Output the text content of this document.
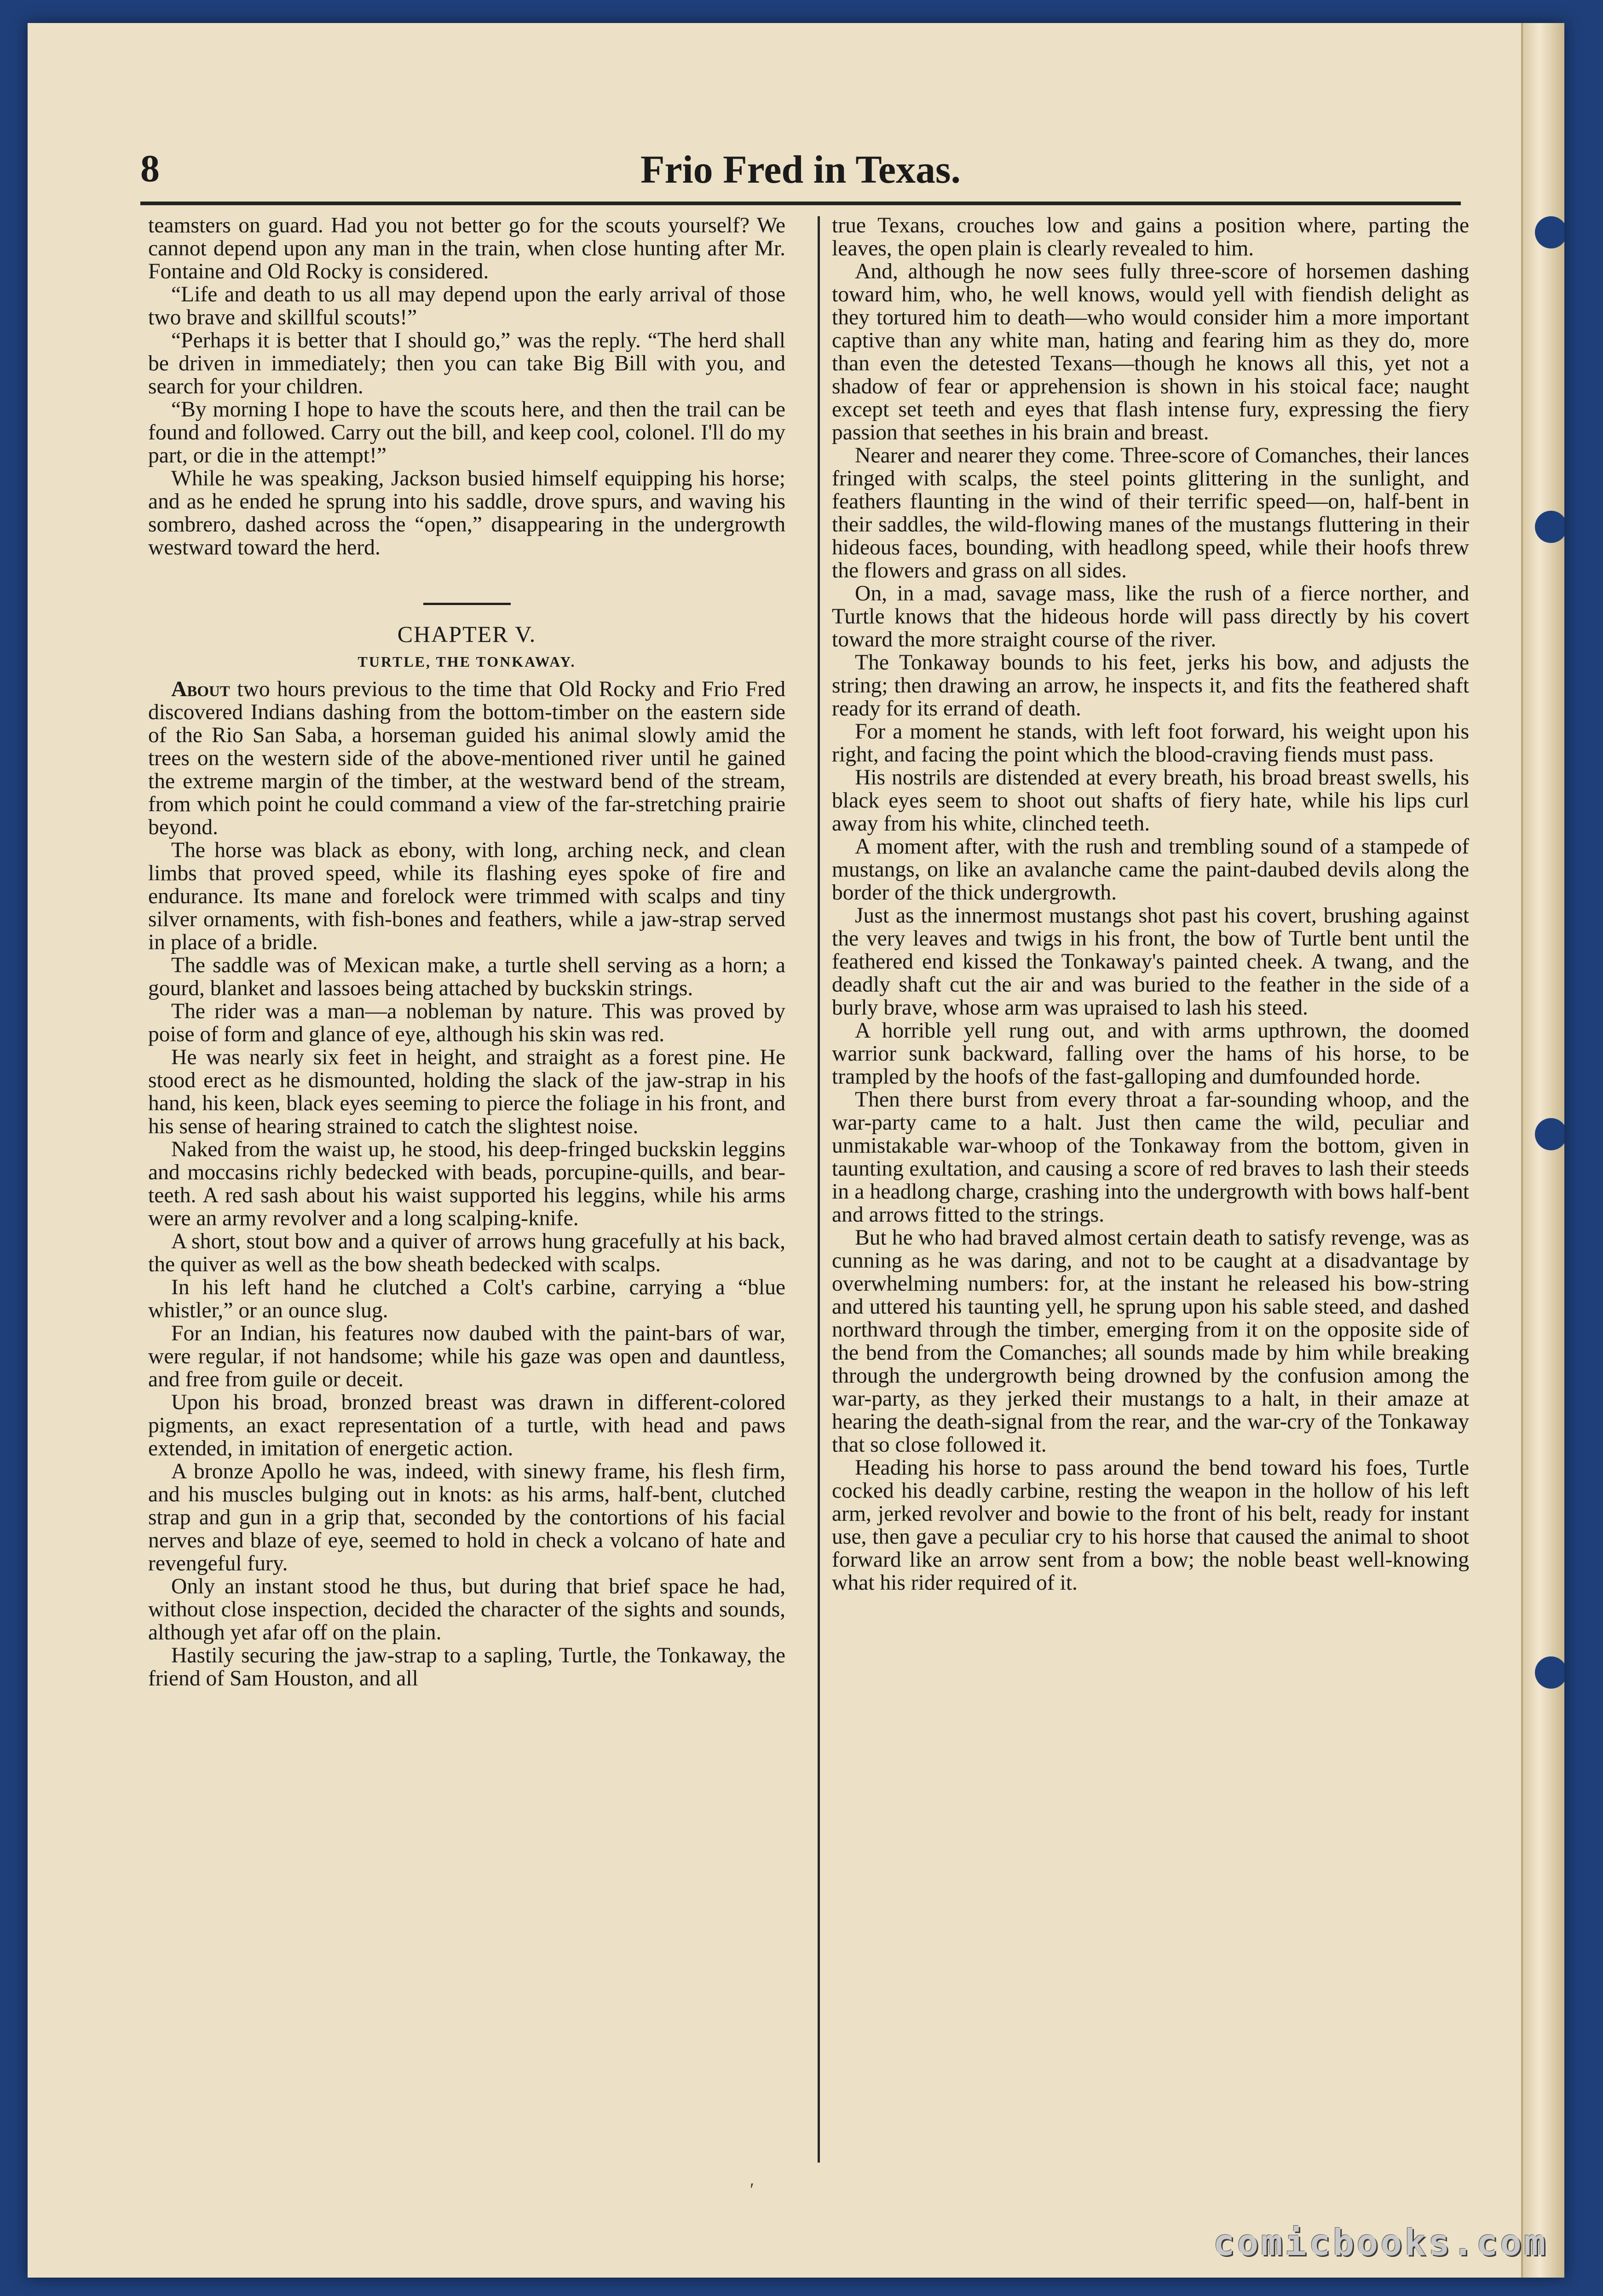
8	Frio Fred in Texas.

teamsters on guard. Had you not better go for the scouts yourself? We cannot depend upon any man in the train, when close hunting after Mr. Fontaine and Old Rocky is considered.

“Life and death to us all may depend upon the early arrival of those two brave and skillful scouts!”

“Perhaps it is better that I should go,” was the reply. “The herd shall be driven in immediately; then you can take Big Bill with you, and search for your children.

“By morning I hope to have the scouts here, and then the trail can be found and followed. Carry out the bill, and keep cool, colonel. I'll do my part, or die in the attempt!”

While he was speaking, Jackson busied himself equipping his horse; and as he ended he sprung into his saddle, drove spurs, and waving his sombrero, dashed across the “open,” disappearing in the undergrowth westward toward the herd.

CHAPTER V.
TURTLE, THE TONKAWAY.

About two hours previous to the time that Old Rocky and Frio Fred discovered Indians dashing from the bottom-timber on the eastern side of the Rio San Saba, a horseman guided his animal slowly amid the trees on the western side of the above-mentioned river until he gained the extreme margin of the timber, at the westward bend of the stream, from which point he could command a view of the far-stretching prairie beyond.

The horse was black as ebony, with long, arching neck, and clean limbs that proved speed, while its flashing eyes spoke of fire and endurance. Its mane and forelock were trimmed with scalps and tiny silver ornaments, with fish-bones and feathers, while a jaw-strap served in place of a bridle.

The saddle was of Mexican make, a turtle shell serving as a horn; a gourd, blanket and lassoes being attached by buckskin strings.

The rider was a man—a nobleman by nature. This was proved by poise of form and glance of eye, although his skin was red.

He was nearly six feet in height, and straight as a forest pine. He stood erect as he dismounted, holding the slack of the jaw-strap in his hand, his keen, black eyes seeming to pierce the foliage in his front, and his sense of hearing strained to catch the slightest noise.

Naked from the waist up, he stood, his deep-fringed buckskin leggins and moccasins richly bedecked with beads, porcupine-quills, and bear-teeth. A red sash about his waist supported his leggins, while his arms were an army revolver and a long scalping-knife.

A short, stout bow and a quiver of arrows hung gracefully at his back, the quiver as well as the bow sheath bedecked with scalps.

In his left hand he clutched a Colt's carbine, carrying a “blue whistler,” or an ounce slug.

For an Indian, his features now daubed with the paint-bars of war, were regular, if not handsome; while his gaze was open and dauntless, and free from guile or deceit.

Upon his broad, bronzed breast was drawn in different-colored pigments, an exact representation of a turtle, with head and paws extended, in imitation of energetic action.

A bronze Apollo he was, indeed, with sinewy frame, his flesh firm, and his muscles bulging out in knots: as his arms, half-bent, clutched strap and gun in a grip that, seconded by the contortions of his facial nerves and blaze of eye, seemed to hold in check a volcano of hate and revengeful fury.

Only an instant stood he thus, but during that brief space he had, without close inspection, decided the character of the sights and sounds, although yet afar off on the plain.

Hastily securing the jaw-strap to a sapling, Turtle, the Tonkaway, the friend of Sam Houston, and all

true Texans, crouches low and gains a position where, parting the leaves, the open plain is clearly revealed to him.

And, although he now sees fully three-score of horsemen dashing toward him, who, he well knows, would yell with fiendish delight as they tortured him to death—who would consider him a more important captive than any white man, hating and fearing him as they do, more than even the detested Texans—though he knows all this, yet not a shadow of fear or apprehension is shown in his stoical face; naught except set teeth and eyes that flash intense fury, expressing the fiery passion that seethes in his brain and breast.

Nearer and nearer they come. Three-score of Comanches, their lances fringed with scalps, the steel points glittering in the sunlight, and feathers flaunting in the wind of their terrific speed—on, half-bent in their saddles, the wild-flowing manes of the mustangs fluttering in their hideous faces, bounding, with headlong speed, while their hoofs threw the flowers and grass on all sides.

On, in a mad, savage mass, like the rush of a fierce norther, and Turtle knows that the hideous horde will pass directly by his covert toward the more straight course of the river.

The Tonkaway bounds to his feet, jerks his bow, and adjusts the string; then drawing an arrow, he inspects it, and fits the feathered shaft ready for its errand of death.

For a moment he stands, with left foot forward, his weight upon his right, and facing the point which the blood-craving fiends must pass.

His nostrils are distended at every breath, his broad breast swells, his black eyes seem to shoot out shafts of fiery hate, while his lips curl away from his white, clinched teeth.

A moment after, with the rush and trembling sound of a stampede of mustangs, on like an avalanche came the paint-daubed devils along the border of the thick undergrowth.

Just as the innermost mustangs shot past his covert, brushing against the very leaves and twigs in his front, the bow of Turtle bent until the feathered end kissed the Tonkaway's painted cheek. A twang, and the deadly shaft cut the air and was buried to the feather in the side of a burly brave, whose arm was upraised to lash his steed.

A horrible yell rung out, and with arms upthrown, the doomed warrior sunk backward, falling over the hams of his horse, to be trampled by the hoofs of the fast-galloping and dumfounded horde.

Then there burst from every throat a far-sounding whoop, and the war-party came to a halt. Just then came the wild, peculiar and unmistakable war-whoop of the Tonkaway from the bottom, given in taunting exultation, and causing a score of red braves to lash their steeds in a headlong charge, crashing into the undergrowth with bows half-bent and arrows fitted to the strings.

But he who had braved almost certain death to satisfy revenge, was as cunning as he was daring, and not to be caught at a disadvantage by overwhelming numbers: for, at the instant he released his bow-string and uttered his taunting yell, he sprung upon his sable steed, and dashed northward through the timber, emerging from it on the opposite side of the bend from the Comanches; all sounds made by him while breaking through the undergrowth being drowned by the confusion among the war-party, as they jerked their mustangs to a halt, in their amaze at hearing the death-signal from the rear, and the war-cry of the Tonkaway that so close followed it.

Heading his horse to pass around the bend toward his foes, Turtle cocked his deadly carbine, resting the weapon in the hollow of his left arm, jerked revolver and bowie to the front of his belt, ready for instant use, then gave a peculiar cry to his horse that caused the animal to shoot forward like an arrow sent from a bow; the noble beast well-knowing what his rider required of it.

′
comicbooks.com
